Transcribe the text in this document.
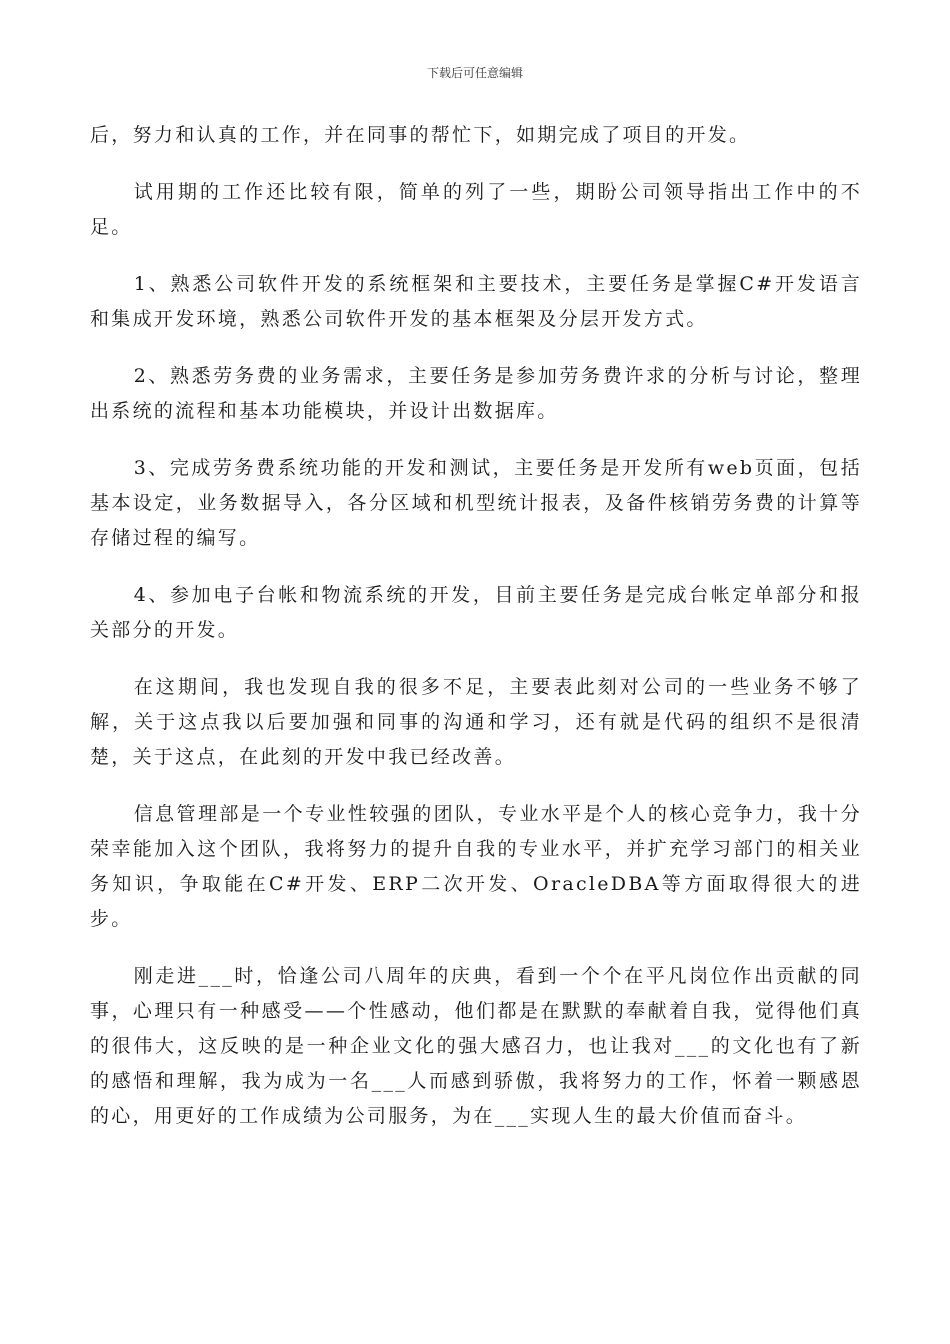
下载后可任意编辑

后，努力和认真的工作，并在同事的帮忙下，如期完成了项目的开发。

试用期的工作还比较有限，简单的列了一些，期盼公司领导指出工作中的不足。

1、熟悉公司软件开发的系统框架和主要技术，主要任务是掌握C#开发语言和集成开发环境，熟悉公司软件开发的基本框架及分层开发方式。

2、熟悉劳务费的业务需求，主要任务是参加劳务费许求的分析与讨论，整理出系统的流程和基本功能模块，并设计出数据库。

3、完成劳务费系统功能的开发和测试，主要任务是开发所有web页面，包括基本设定，业务数据导入，各分区域和机型统计报表，及备件核销劳务费的计算等存储过程的编写。

4、参加电子台帐和物流系统的开发，目前主要任务是完成台帐定单部分和报关部分的开发。

在这期间，我也发现自我的很多不足，主要表此刻对公司的一些业务不够了解，关于这点我以后要加强和同事的沟通和学习，还有就是代码的组织不是很清楚，关于这点，在此刻的开发中我已经改善。

信息管理部是一个专业性较强的团队，专业水平是个人的核心竞争力，我十分荣幸能加入这个团队，我将努力的提升自我的专业水平，并扩充学习部门的相关业务知识，争取能在C#开发、ERP二次开发、OracleDBA等方面取得很大的进步。

刚走进___时，恰逢公司八周年的庆典，看到一个个在平凡岗位作出贡献的同事，心理只有一种感受——个性感动，他们都是在默默的奉献着自我，觉得他们真的很伟大，这反映的是一种企业文化的强大感召力，也让我对___的文化也有了新的感悟和理解，我为成为一名___人而感到骄傲，我将努力的工作，怀着一颗感恩的心，用更好的工作成绩为公司服务，为在___实现人生的最大价值而奋斗。
